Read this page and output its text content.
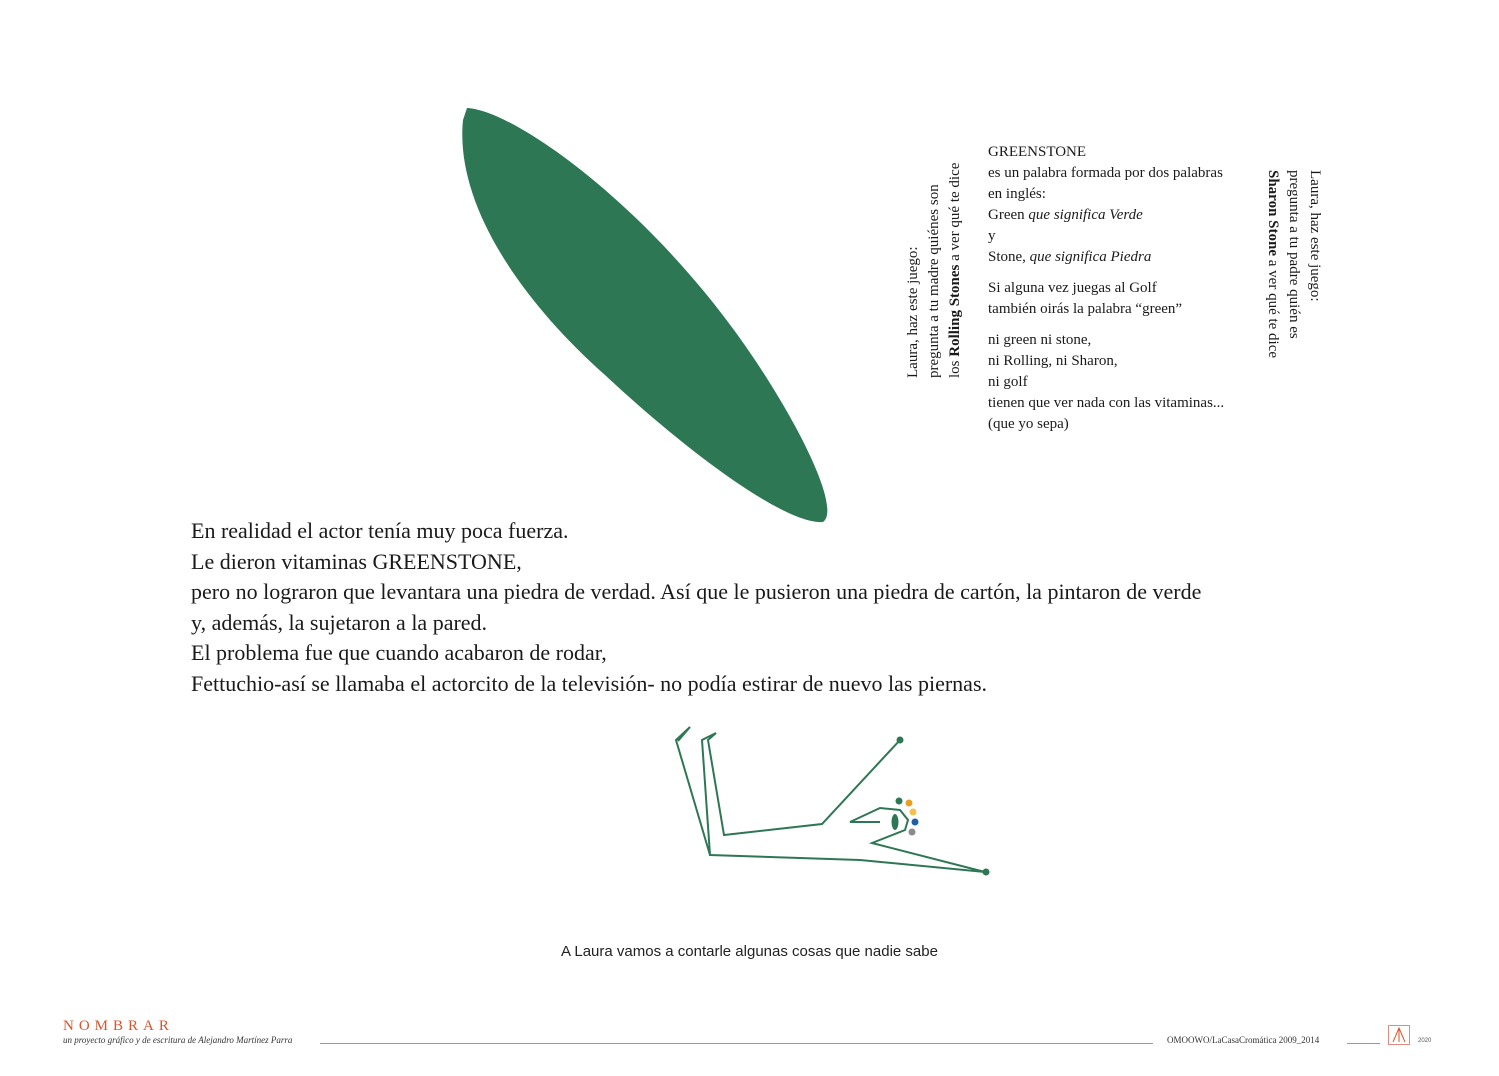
Laura, haz este juego: pregunta a tu madre quiénes son los Rolling Stones a ver qué te dice
GREENSTONE
es un palabra formada por dos palabras
en inglés:
Green que significa Verde
y
Stone, que significa Piedra
Si alguna vez juegas al Golf
también oirás la palabra “green”
ni green ni stone,
ni Rolling, ni Sharon,
ni golf
tienen que ver nada con las vitaminas...
(que yo sepa)
Laura, haz este juego:
pregunta a tu padre quién es
Sharon Stone a ver qué te dice
En realidad el actor tenía muy poca fuerza.
Le dieron vitaminas GREENSTONE,
pero no lograron que levantara una piedra de verdad. Así que le pusieron una piedra de cartón, la pintaron de verde
y, además, la sujetaron a la pared.
El problema fue que cuando acabaron de rodar,
Fettuchio-así se llamaba el actorcito de la televisión- no podía estirar de nuevo las piernas.
A Laura vamos a contarle algunas cosas que nadie sabe
NOMBRAR
un proyecto gráfico y de escritura de Alejandro Martínez Parra	OMOOWO/LaCasaCromática 2009_2014	2020
